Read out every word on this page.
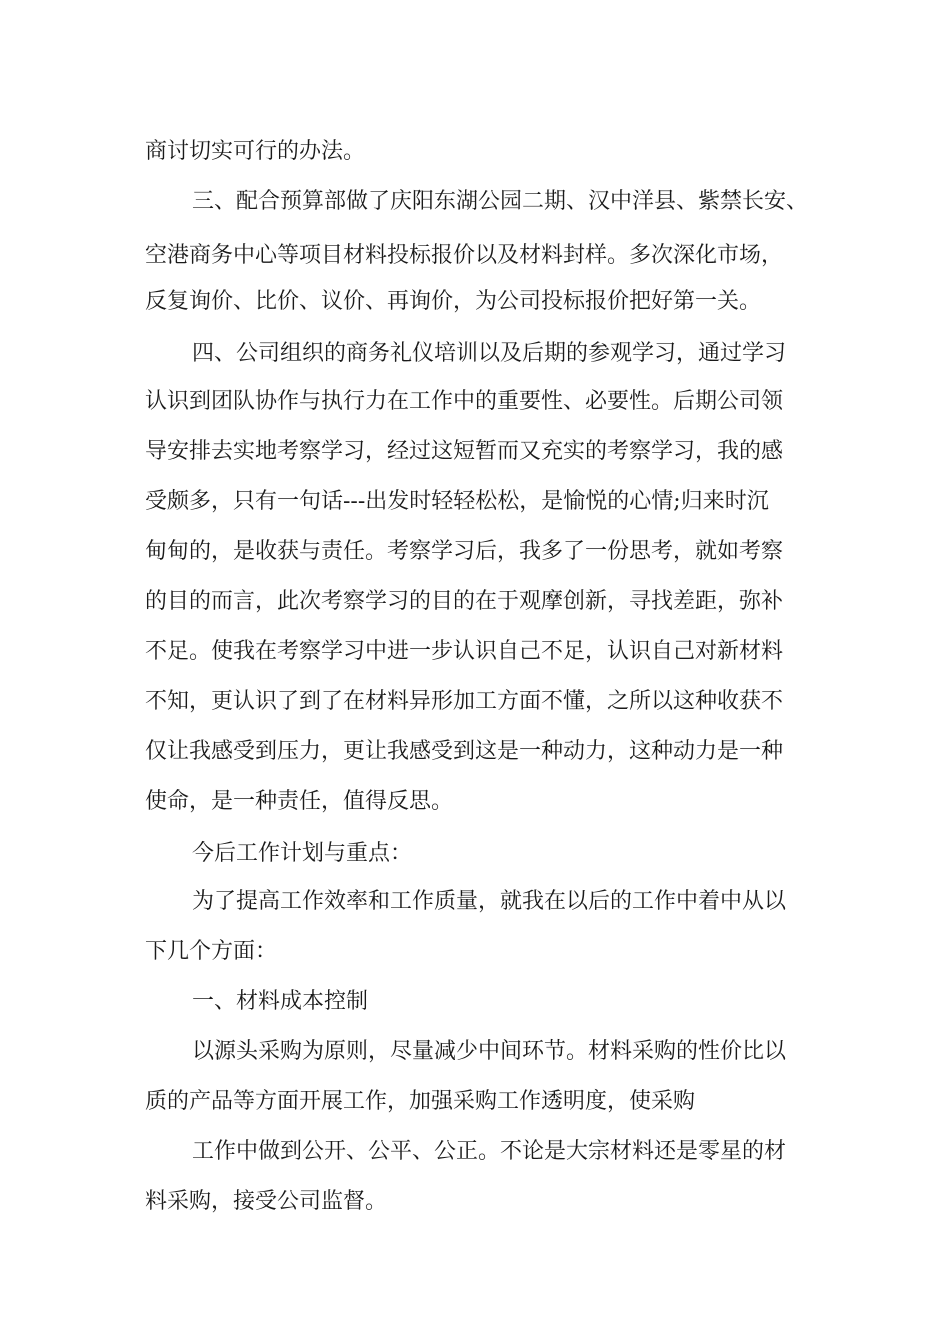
商讨切实可行的办法。
三、配合预算部做了庆阳东湖公园二期、汉中洋县、紫禁长安、
空港商务中心等项目材料投标报价以及材料封样。多次深化市场，
反复询价、比价、议价、再询价，为公司投标报价把好第一关。
四、公司组织的商务礼仪培训以及后期的参观学习，通过学习
认识到团队协作与执行力在工作中的重要性、必要性。后期公司领
导安排去实地考察学习，经过这短暂而又充实的考察学习，我的感
受颇多，只有一句话---出发时轻轻松松，是愉悦的心情;归来时沉
甸甸的，是收获与责任。考察学习后，我多了一份思考，就如考察
的目的而言，此次考察学习的目的在于观摩创新，寻找差距，弥补
不足。使我在考察学习中进一步认识自己不足，认识自己对新材料
不知，更认识了到了在材料异形加工方面不懂，之所以这种收获不
仅让我感受到压力，更让我感受到这是一种动力，这种动力是一种
使命，是一种责任，值得反思。
今后工作计划与重点：
为了提高工作效率和工作质量，就我在以后的工作中着中从以
下几个方面：
一、材料成本控制
以源头采购为原则，尽量减少中间环节。材料采购的性价比以
质的产品等方面开展工作，加强采购工作透明度，使采购
工作中做到公开、公平、公正。不论是大宗材料还是零星的材
料采购，接受公司监督。
